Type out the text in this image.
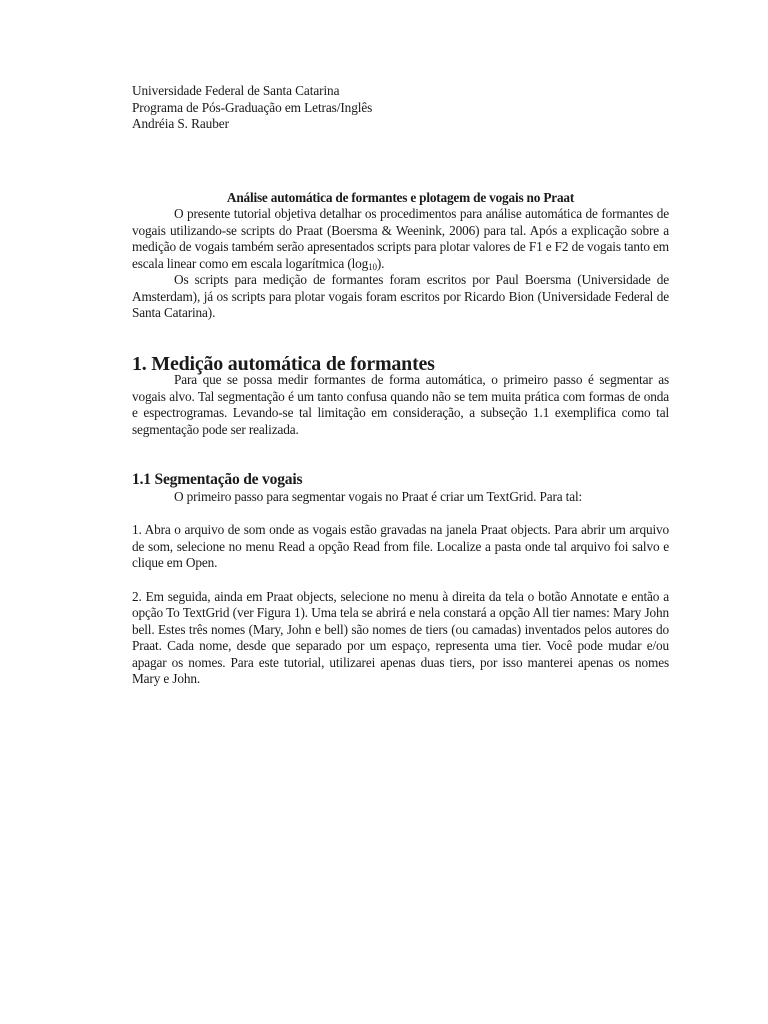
Universidade Federal de Santa Catarina
Programa de Pós-Graduação em Letras/Inglês
Andréia S. Rauber
Análise automática de formantes e plotagem de vogais no Praat

O presente tutorial objetiva detalhar os procedimentos para análise automática de formantes de vogais utilizando-se scripts do Praat (Boersma & Weenink, 2006) para tal. Após a explicação sobre a medição de vogais também serão apresentados scripts para plotar valores de F1 e F2 de vogais tanto em escala linear como em escala logarítmica $(\log_{10})$.

Os scripts para medição de formantes foram escritos por Paul Boersma (Universidade de Amsterdam), já os scripts para plotar vogais foram escritos por Ricardo Bion (Universidade Federal de Santa Catarina).

1. Medição automática de formantes

Para que se possa medir formantes de forma automática, o primeiro passo é segmentar as vogais alvo. Tal segmentação é um tanto confusa quando não se tem muita prática com formas de onda e espectrogramas. Levando-se tal limitação em consideração, a subseção 1.1 exemplifica como tal segmentação pode ser realizada.

1.1 Segmentação de vogais

O primeiro passo para segmentar vogais no Praat é criar um TextGrid. Para tal:

1. Abra o arquivo de som onde as vogais estão gravadas na janela Praat objects. Para abrir um arquivo de som, selecione no menu Read a opção Read from file. Localize a pasta onde tal arquivo foi salvo e clique em Open.

2. Em seguida, ainda em Praat objects, selecione no menu à direita da tela o botão Annotate e então a opção To TextGrid (ver Figura 1). Uma tela se abrirá e nela constará a opção All tier names: Mary John bell. Estes três nomes (Mary, John e bell) são nomes de tiers (ou camadas) inventados pelos autores do Praat. Cada nome, desde que separado por um espaço, representa uma tier. Você pode mudar e/ou apagar os nomes. Para este tutorial, utilizarei apenas duas tiers, por isso manterei apenas os nomes Mary e John.
